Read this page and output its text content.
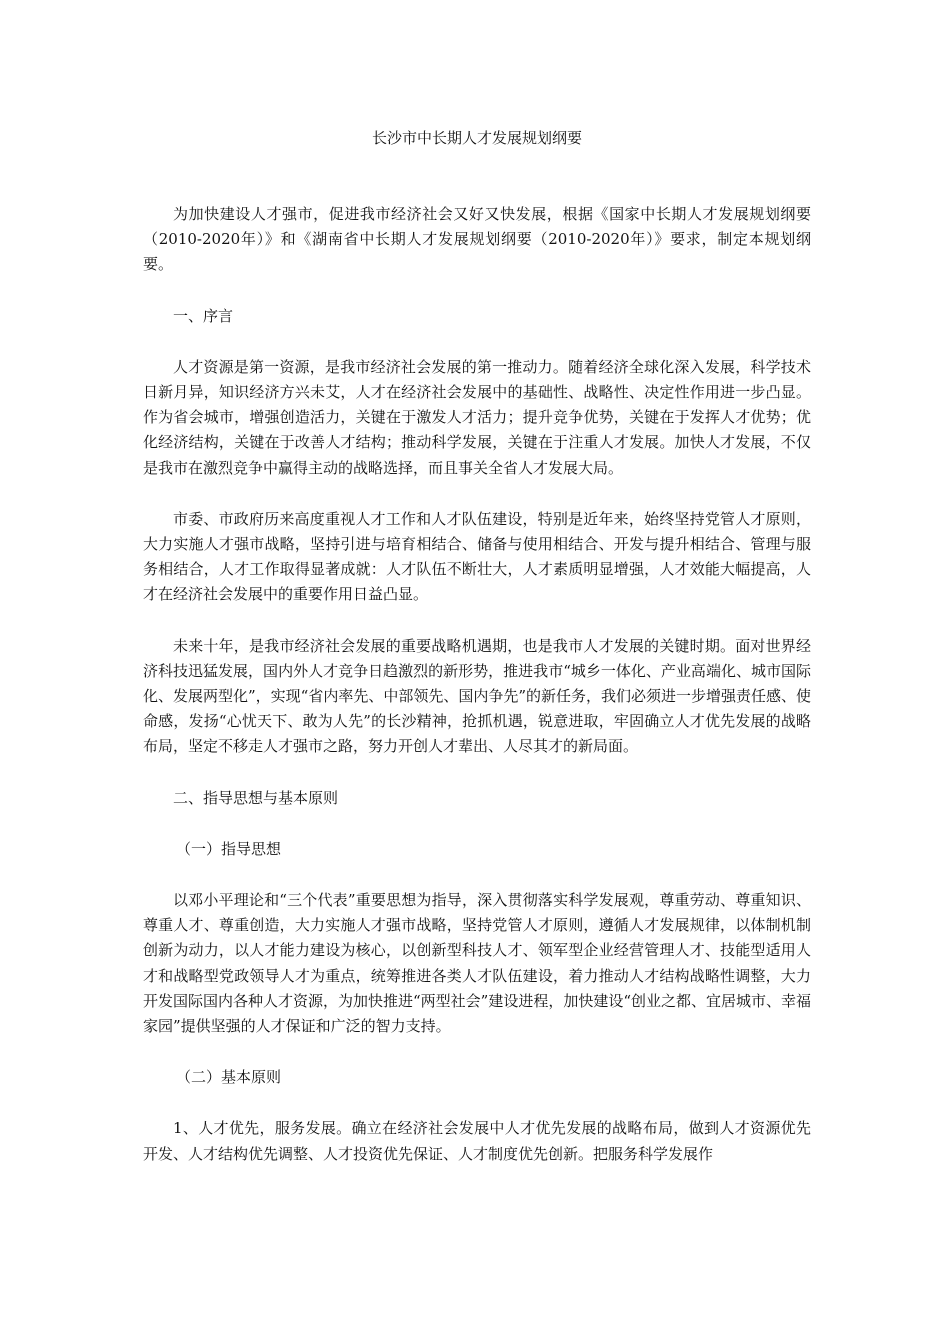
长沙市中长期人才发展规划纲要

为加快建设人才强市，促进我市经济社会又好又快发展，根据《国家中长期人才发展规划纲要（2010-2020年）》和《湖南省中长期人才发展规划纲要（2010-2020年）》要求，制定本规划纲要。

一、序言

人才资源是第一资源，是我市经济社会发展的第一推动力。随着经济全球化深入发展，科学技术日新月异，知识经济方兴未艾，人才在经济社会发展中的基础性、战略性、决定性作用进一步凸显。作为省会城市，增强创造活力，关键在于激发人才活力；提升竞争优势，关键在于发挥人才优势；优化经济结构，关键在于改善人才结构；推动科学发展，关键在于注重人才发展。加快人才发展，不仅是我市在激烈竞争中赢得主动的战略选择，而且事关全省人才发展大局。

市委、市政府历来高度重视人才工作和人才队伍建设，特别是近年来，始终坚持党管人才原则，大力实施人才强市战略，坚持引进与培育相结合、储备与使用相结合、开发与提升相结合、管理与服务相结合，人才工作取得显著成就：人才队伍不断壮大，人才素质明显增强，人才效能大幅提高，人才在经济社会发展中的重要作用日益凸显。

未来十年，是我市经济社会发展的重要战略机遇期，也是我市人才发展的关键时期。面对世界经济科技迅猛发展，国内外人才竞争日趋激烈的新形势，推进我市“城乡一体化、产业高端化、城市国际化、发展两型化”，实现“省内率先、中部领先、国内争先”的新任务，我们必须进一步增强责任感、使命感，发扬“心忧天下、敢为人先”的长沙精神，抢抓机遇，锐意进取，牢固确立人才优先发展的战略布局，坚定不移走人才强市之路，努力开创人才辈出、人尽其才的新局面。

二、指导思想与基本原则

（一）指导思想

以邓小平理论和“三个代表”重要思想为指导，深入贯彻落实科学发展观，尊重劳动、尊重知识、尊重人才、尊重创造，大力实施人才强市战略，坚持党管人才原则，遵循人才发展规律，以体制机制创新为动力，以人才能力建设为核心，以创新型科技人才、领军型企业经营管理人才、技能型适用人才和战略型党政领导人才为重点，统筹推进各类人才队伍建设，着力推动人才结构战略性调整，大力开发国际国内各种人才资源，为加快推进“两型社会”建设进程，加快建设“创业之都、宜居城市、幸福家园”提供坚强的人才保证和广泛的智力支持。

（二）基本原则

1、人才优先，服务发展。确立在经济社会发展中人才优先发展的战略布局，做到人才资源优先开发、人才结构优先调整、人才投资优先保证、人才制度优先创新。把服务科学发展作
